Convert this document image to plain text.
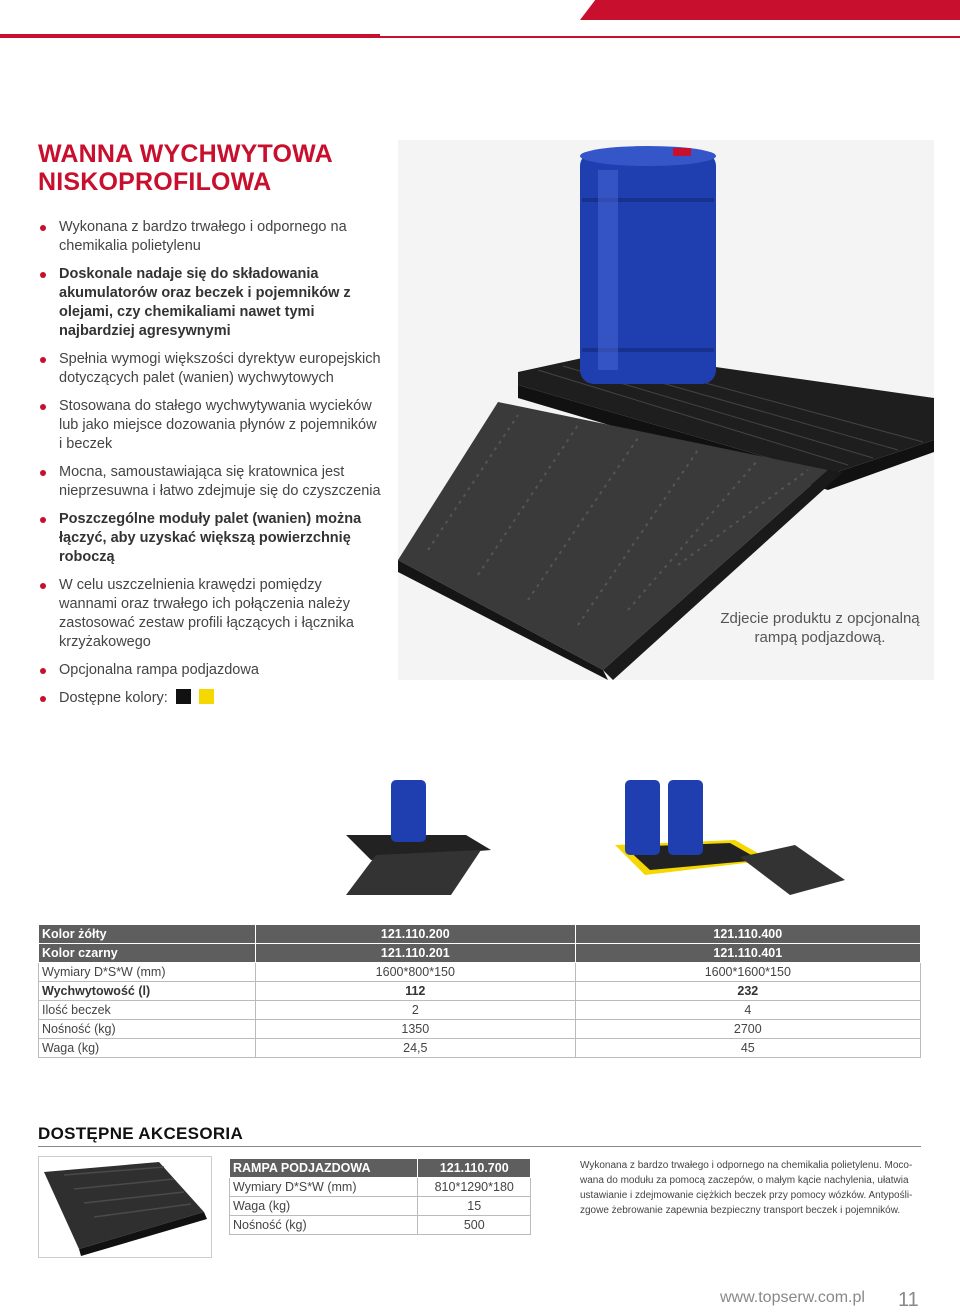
WANNA WYCHWYTOWA
NISKOPROFILOWA
Wykonana z bardzo trwałego i odpornego na chemikalia polietylenu
Doskonale nadaje się do składowania akumulatorów oraz beczek i pojemników z olejami, czy chemikaliami nawet tymi najbardziej agresywnymi
Spełnia wymogi większości dyrektyw europejskich dotyczących palet (wanien) wychwytowych
Stosowana do stałego wychwytywania wycieków lub jako miejsce dozowania płynów z pojemników i beczek
Mocna, samoustawiająca się kratownica jest nieprzesuwna i łatwo zdejmuje się do czyszczenia
Poszczególne moduły palet (wanien) można łączyć, aby uzyskać większą powierzchnię roboczą
W celu uszczelnienia krawędzi pomiędzy wannami oraz trwałego ich połączenia należy zastosować zestaw profili łączących i łącznika krzyżakowego
Opcjonalna rampa podjazdowa
Dostępne kolory:
Zdjecie produktu z opcjonalną rampą podjazdową.
Kolor żółty	121.110.200	121.110.400
Kolor czarny	121.110.201	121.110.401
Wymiary D*S*W (mm)	1600*800*150	1600*1600*150
Wychwytowość (l)	112	232
Ilość beczek	2	4
Nośność (kg)	1350	2700
Waga (kg)	24,5	45
DOSTĘPNE AKCESORIA
RAMPA PODJAZDOWA	121.110.700
Wymiary D*S*W (mm)	810*1290*180
Waga (kg)	15
Nośność (kg)	500
Wykonana z bardzo trwałego i odpornego na chemikalia polietylenu. Moco-wana do modułu za pomocą zaczepów, o małym kącie nachylenia, ułatwia ustawianie i zdejmowanie ciężkich beczek przy pomocy wózków. Antypośli-zgowe żebrowanie zapewnia bezpieczny transport beczek i pojemników.
www.topserw.com.pl 11
